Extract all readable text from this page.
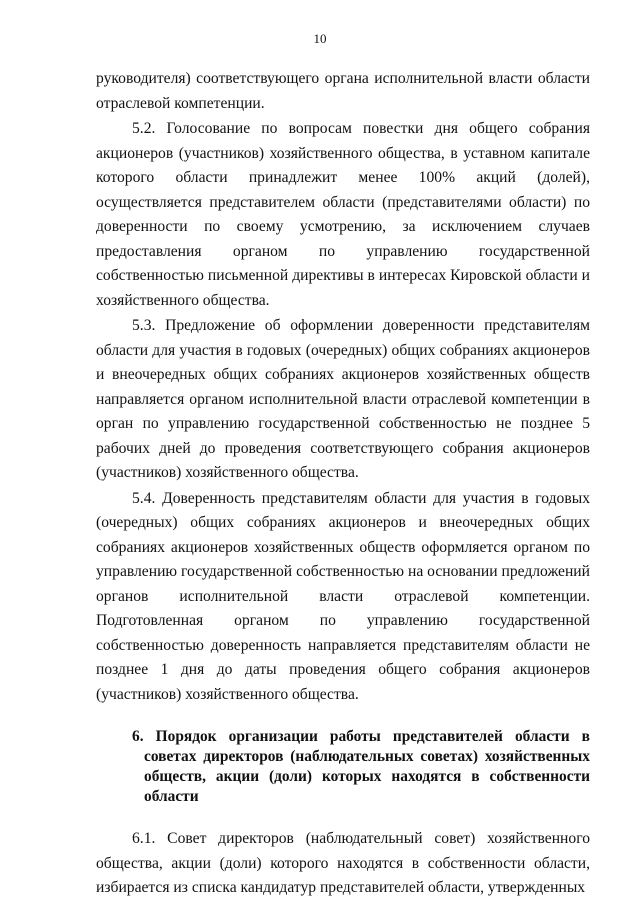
10

руководителя) соответствующего органа исполнительной власти области отраслевой компетенции.

5.2. Голосование по вопросам повестки дня общего собрания акционеров (участников) хозяйственного общества, в уставном капитале которого области принадлежит менее 100% акций (долей), осуществляется представителем области (представителями области) по доверенности по своему усмотрению, за исключением случаев предоставления органом по управлению государственной собственностью письменной директивы в интересах Кировской области и хозяйственного общества.

5.3. Предложение об оформлении доверенности представителям области для участия в годовых (очередных) общих собраниях акционеров и внеочередных общих собраниях акционеров хозяйственных обществ направляется органом исполнительной власти отраслевой компетенции в орган по управлению государственной собственностью не позднее 5 рабочих дней до проведения соответствующего собрания акционеров (участников) хозяйственного общества.

5.4. Доверенность представителям области для участия в годовых (очередных) общих собраниях акционеров и внеочередных общих собраниях акционеров хозяйственных обществ оформляется органом по управлению государственной собственностью на основании предложений органов исполнительной власти отраслевой компетенции. Подготовленная органом по управлению государственной собственностью доверенность направляется представителям области не позднее 1 дня до даты проведения общего собрания акционеров (участников) хозяйственного общества.

6. Порядок организации работы представителей области в советах директоров (наблюдательных советах) хозяйственных обществ, акции (доли) которых находятся в собственности области

6.1. Совет директоров (наблюдательный совет) хозяйственного общества, акции (доли) которого находятся в собственности области, избирается из списка кандидатур представителей области, утвержденных
